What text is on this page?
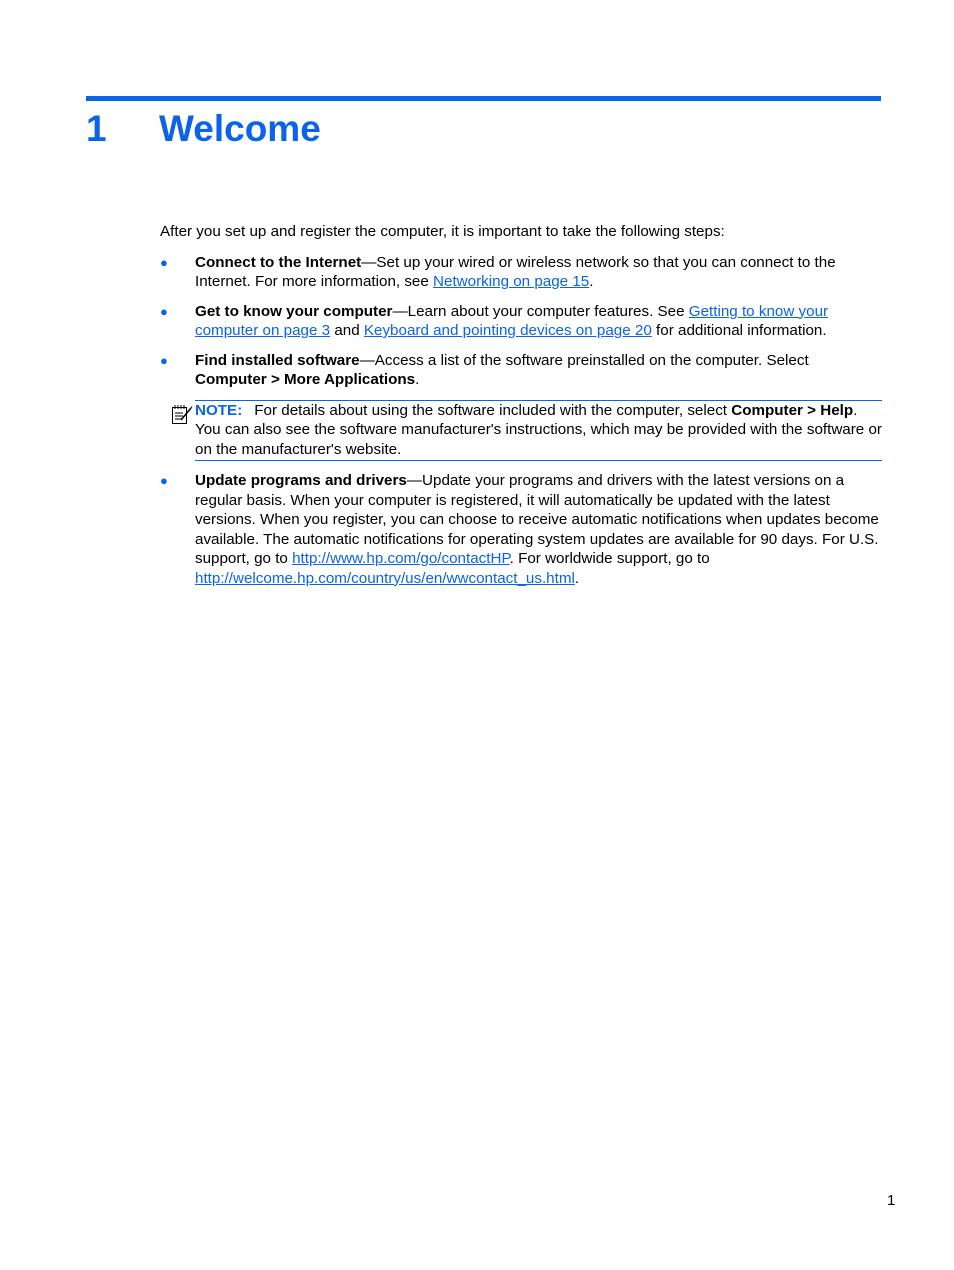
1 Welcome

After you set up and register the computer, it is important to take the following steps:

● Connect to the Internet—Set up your wired or wireless network so that you can connect to the Internet. For more information, see Networking on page 15.
● Get to know your computer—Learn about your computer features. See Getting to know your computer on page 3 and Keyboard and pointing devices on page 20 for additional information.
● Find installed software—Access a list of the software preinstalled on the computer. Select Computer > More Applications.
NOTE: For details about using the software included with the computer, select Computer > Help. You can also see the software manufacturer's instructions, which may be provided with the software or on the manufacturer's website.
● Update programs and drivers—Update your programs and drivers with the latest versions on a regular basis. When your computer is registered, it will automatically be updated with the latest versions. When you register, you can choose to receive automatic notifications when updates become available. The automatic notifications for operating system updates are available for 90 days. For U.S. support, go to http://www.hp.com/go/contactHP. For worldwide support, go to http://welcome.hp.com/country/us/en/wwcontact_us.html.
1
